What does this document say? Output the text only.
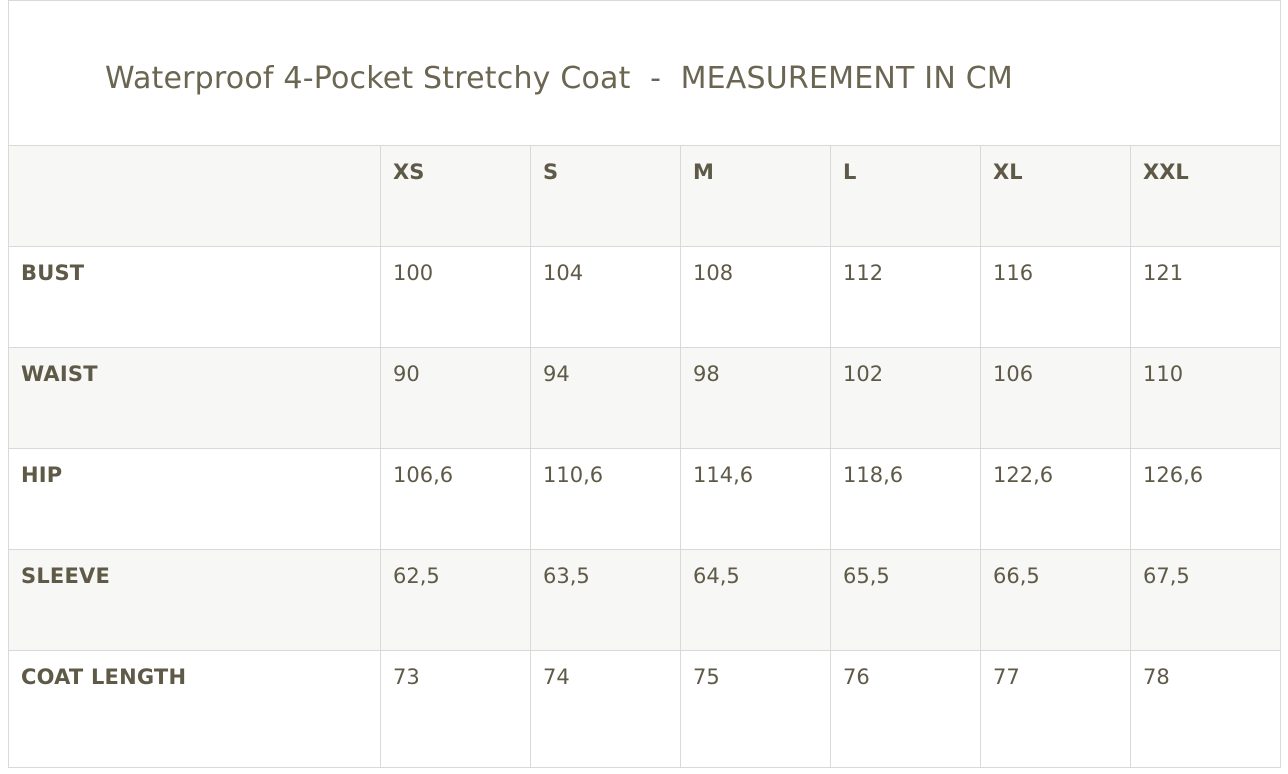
Waterproof 4-Pocket Stretchy Coat  -  MEASUREMENT IN CM						

	XS	S	M	L	XL	XXL

BUST	100	104	108	112	116	121

WAIST	90	94	98	102	106	110

HIP	106,6	110,6	114,6	118,6	122,6	126,6

SLEEVE	62,5	63,5	64,5	65,5	66,5	67,5

COAT LENGTH	73	74	75	76	77	78
